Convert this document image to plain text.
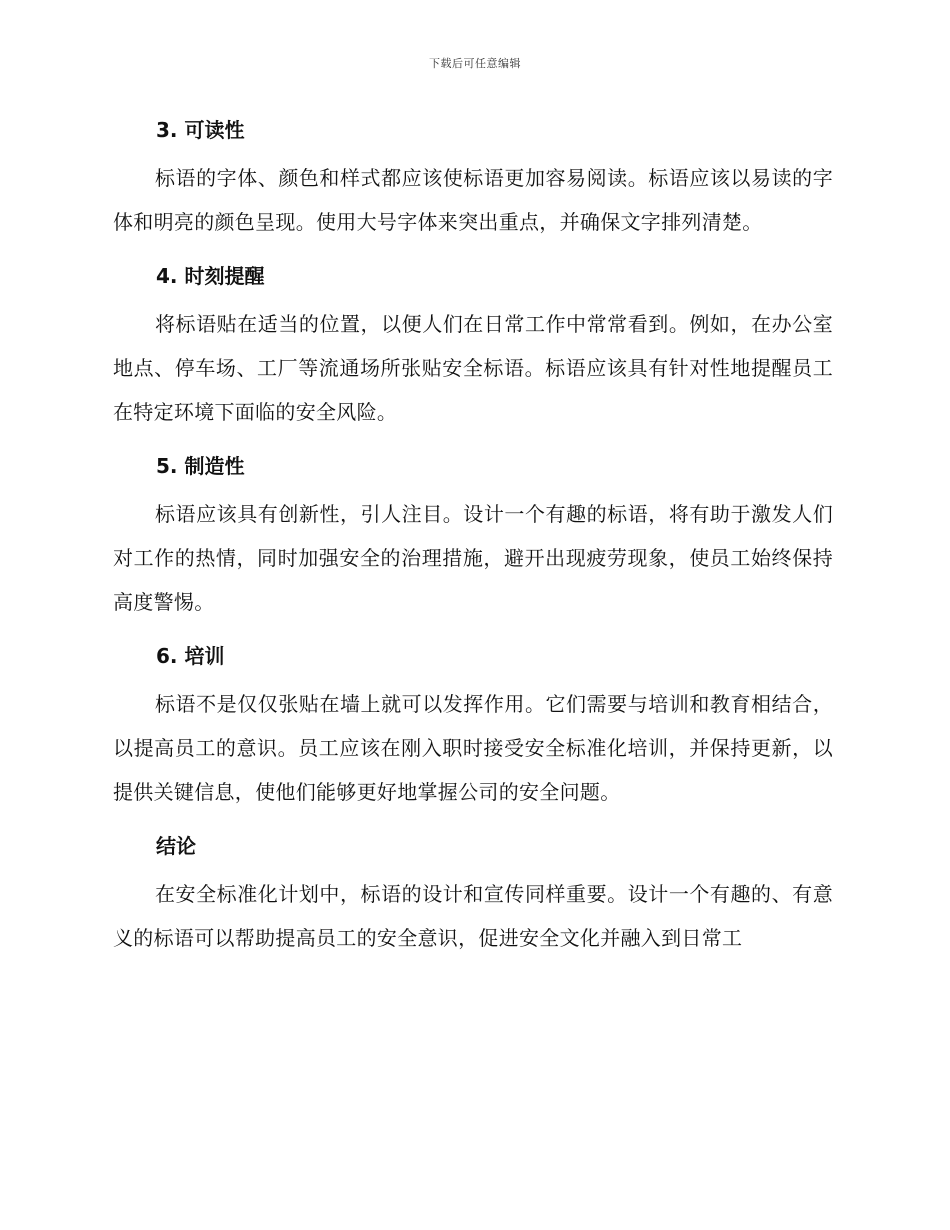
下载后可任意编辑
3. 可读性

标语的字体、颜色和样式都应该使标语更加容易阅读。标语应该以易读的字体和明亮的颜色呈现。使用大号字体来突出重点，并确保文字排列清楚。

4. 时刻提醒

将标语贴在适当的位置，以便人们在日常工作中常常看到。例如，在办公室地点、停车场、工厂等流通场所张贴安全标语。标语应该具有针对性地提醒员工在特定环境下面临的安全风险。

5. 制造性

标语应该具有创新性，引人注目。设计一个有趣的标语，将有助于激发人们对工作的热情，同时加强安全的治理措施，避开出现疲劳现象，使员工始终保持高度警惕。

6. 培训

标语不是仅仅张贴在墙上就可以发挥作用。它们需要与培训和教育相结合，以提高员工的意识。员工应该在刚入职时接受安全标准化培训，并保持更新，以提供关键信息，使他们能够更好地掌握公司的安全问题。

结论

在安全标准化计划中，标语的设计和宣传同样重要。设计一个有趣的、有意义的标语可以帮助提高员工的安全意识，促进安全文化并融入到日常工
